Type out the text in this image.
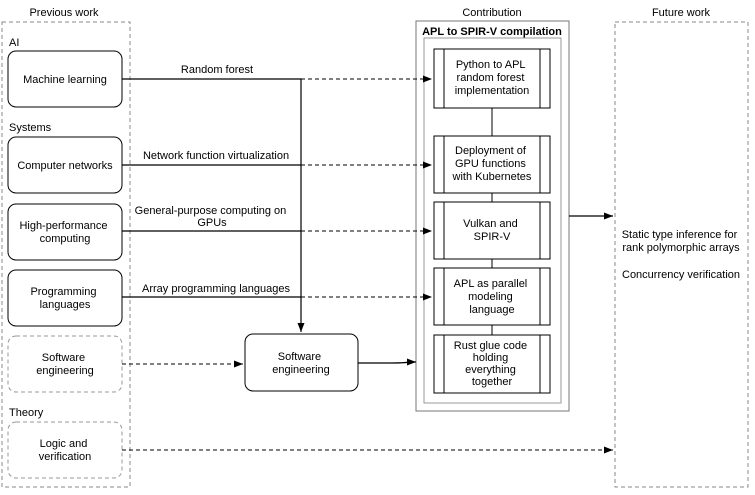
Previous work	Contribution	Future work
APL to SPIR-V compilation
AI
Systems
Theory
Machine learning
Computer networks
High-performance computing
Programming languages
Software engineering
Logic and verification
Software engineering
Random forest
Network function virtualization
General-purpose computing on GPUs
Array programming languages
Python to APL random forest implementation
Deployment of GPU functions with Kubernetes
Vulkan and SPIR-V
APL as parallel modeling language
Rust glue code holding everything together
Static type inference for rank polymorphic arrays
Concurrency verification
